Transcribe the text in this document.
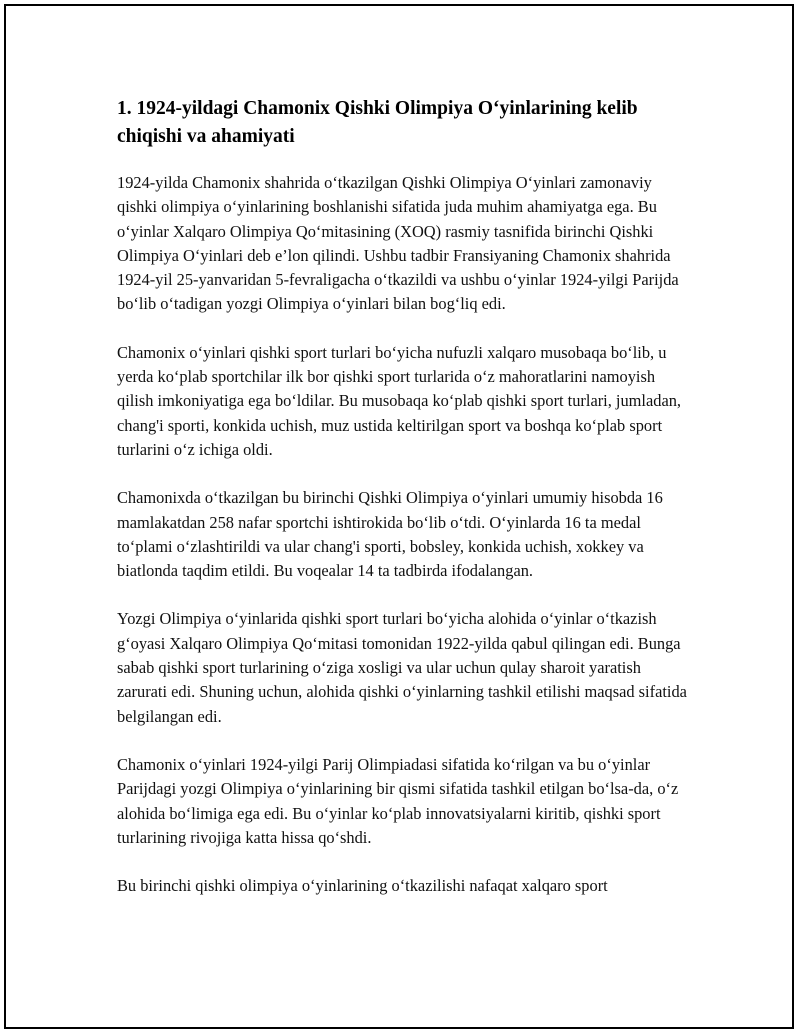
1. 1924-yildagi Chamonix Qishki Olimpiya O‘yinlarining kelib chiqishi va ahamiyati

1924-yilda Chamonix shahrida o‘tkazilgan Qishki Olimpiya O‘yinlari zamonaviy qishki olimpiya o‘yinlarining boshlanishi sifatida juda muhim ahamiyatga ega. Bu o‘yinlar Xalqaro Olimpiya Qo‘mitasining (XOQ) rasmiy tasnifida birinchi Qishki Olimpiya O‘yinlari deb e’lon qilindi. Ushbu tadbir Fransiyaning Chamonix shahrida 1924-yil 25-yanvaridan 5-fevraligacha o‘tkazildi va ushbu o‘yinlar 1924-yilgi Parijda bo‘lib o‘tadigan yozgi Olimpiya o‘yinlari bilan bog‘liq edi.

Chamonix o‘yinlari qishki sport turlari bo‘yicha nufuzli xalqaro musobaqa bo‘lib, u yerda ko‘plab sportchilar ilk bor qishki sport turlarida o‘z mahoratlarini namoyish qilish imkoniyatiga ega bo‘ldilar. Bu musobaqa ko‘plab qishki sport turlari, jumladan, chang'i sporti, konkida uchish, muz ustida keltirilgan sport va boshqa ko‘plab sport turlarini o‘z ichiga oldi.

Chamonixda o‘tkazilgan bu birinchi Qishki Olimpiya o‘yinlari umumiy hisobda 16 mamlakatdan 258 nafar sportchi ishtirokida bo‘lib o‘tdi. O‘yinlarda 16 ta medal to‘plami o‘zlashtirildi va ular chang'i sporti, bobsley, konkida uchish, xokkey va biatlonda taqdim etildi. Bu voqealar 14 ta tadbirda ifodalangan.

Yozgi Olimpiya o‘yinlarida qishki sport turlari bo‘yicha alohida o‘yinlar o‘tkazish g‘oyasi Xalqaro Olimpiya Qo‘mitasi tomonidan 1922-yilda qabul qilingan edi. Bunga sabab qishki sport turlarining o‘ziga xosligi va ular uchun qulay sharoit yaratish zarurati edi. Shuning uchun, alohida qishki o‘yinlarning tashkil etilishi maqsad sifatida belgilangan edi.

Chamonix o‘yinlari 1924-yilgi Parij Olimpiadasi sifatida ko‘rilgan va bu o‘yinlar Parijdagi yozgi Olimpiya o‘yinlarining bir qismi sifatida tashkil etilgan bo‘lsa-da, o‘z alohida bo‘limiga ega edi. Bu o‘yinlar ko‘plab innovatsiyalarni kiritib, qishki sport turlarining rivojiga katta hissa qo‘shdi.

Bu birinchi qishki olimpiya o‘yinlarining o‘tkazilishi nafaqat xalqaro sport
